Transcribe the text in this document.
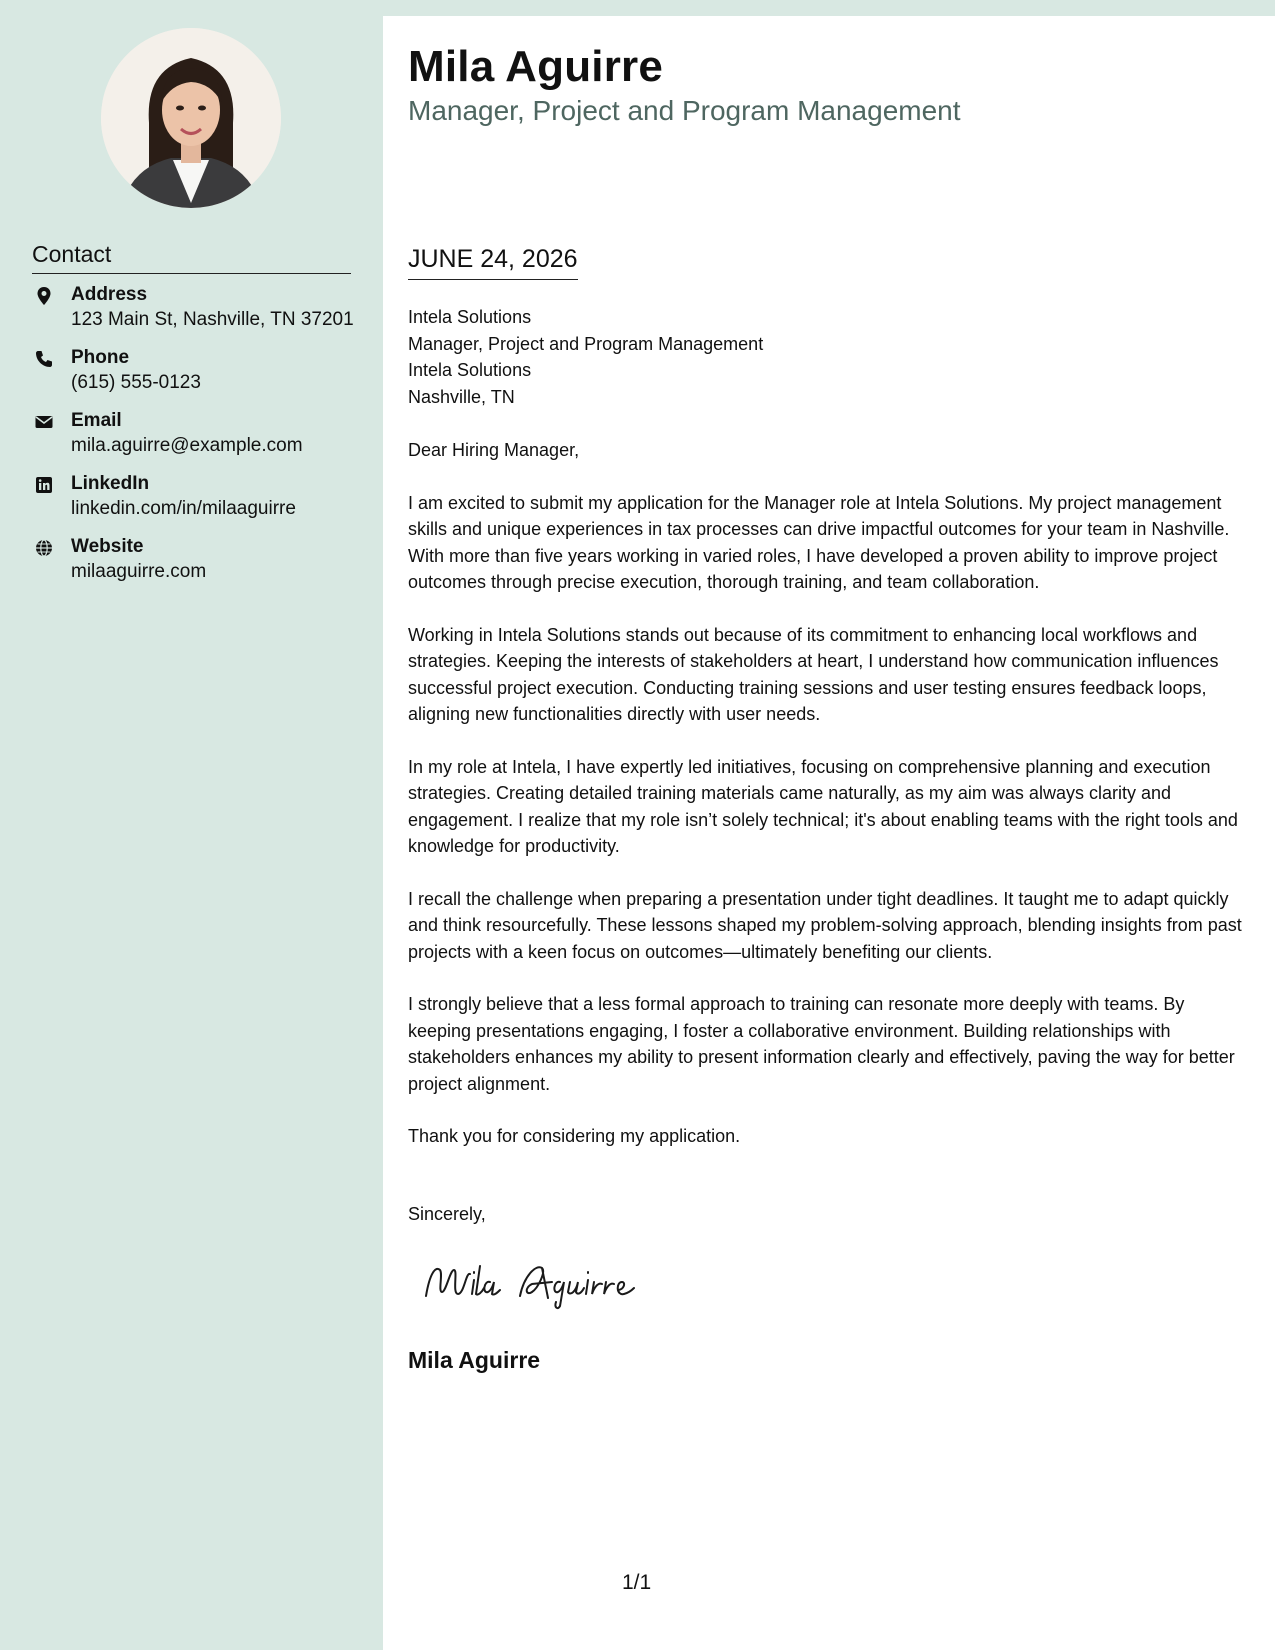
Contact
Address
123 Main St, Nashville, TN 37201
Phone
(615) 555-0123
Email
mila.aguirre@example.com
LinkedIn
linkedin.com/in/milaaguirre
Website
milaaguirre.com
Mila Aguirre
Manager, Project and Program Management
JUNE 24, 2026
Intela Solutions
Manager, Project and Program Management
Intela Solutions
Nashville, TN

Dear Hiring Manager,

I am excited to submit my application for the Manager role at Intela Solutions. My project management skills and unique experiences in tax processes can drive impactful outcomes for your team in Nashville. With more than five years working in varied roles, I have developed a proven ability to improve project outcomes through precise execution, thorough training, and team collaboration.

Working in Intela Solutions stands out because of its commitment to enhancing local workflows and strategies. Keeping the interests of stakeholders at heart, I understand how communication influences successful project execution. Conducting training sessions and user testing ensures feedback loops, aligning new functionalities directly with user needs.

In my role at Intela, I have expertly led initiatives, focusing on comprehensive planning and execution strategies. Creating detailed training materials came naturally, as my aim was always clarity and engagement. I realize that my role isn’t solely technical; it's about enabling teams with the right tools and knowledge for productivity.

I recall the challenge when preparing a presentation under tight deadlines. It taught me to adapt quickly and think resourcefully. These lessons shaped my problem-solving approach, blending insights from past projects with a keen focus on outcomes—ultimately benefiting our clients.

I strongly believe that a less formal approach to training can resonate more deeply with teams. By keeping presentations engaging, I foster a collaborative environment. Building relationships with stakeholders enhances my ability to present information clearly and effectively, paving the way for better project alignment.

Thank you for considering my application.

Sincerely,
Mila Aguirre
1/1
